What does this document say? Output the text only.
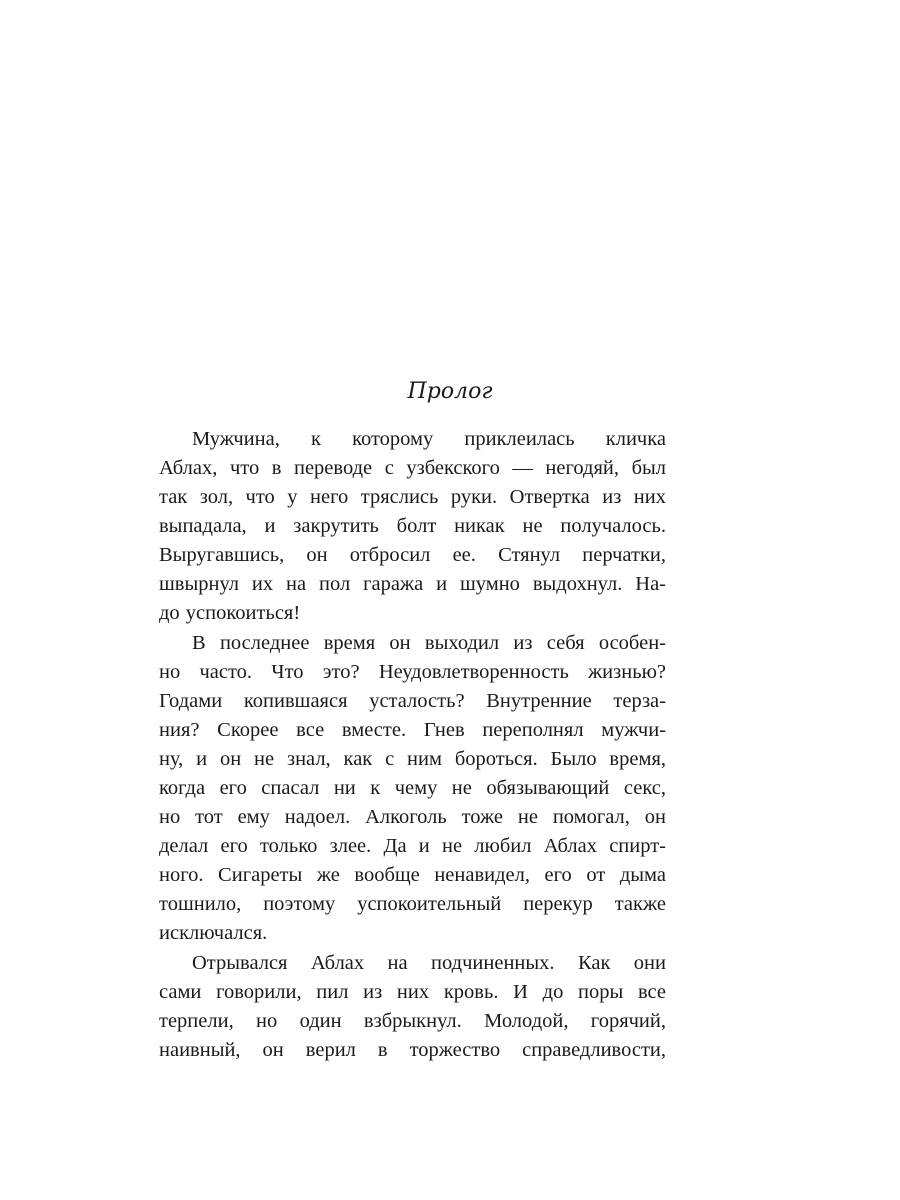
Пролог

Мужчина, к которому приклеилась кличка
Аблах, что в переводе с узбекского — негодяй, был
так зол, что у него тряслись руки. Отвертка из них
выпадала, и закрутить болт никак не получалось.
Выругавшись, он отбросил ее. Стянул перчатки,
швырнул их на пол гаража и шумно выдохнул. На-
до успокоиться!

В последнее время он выходил из себя особен-
но часто. Что это? Неудовлетворенность жизнью?
Годами копившаяся усталость? Внутренние терза-
ния? Скорее все вместе. Гнев переполнял мужчи-
ну, и он не знал, как с ним бороться. Было время,
когда его спасал ни к чему не обязывающий секс,
но тот ему надоел. Алкоголь тоже не помогал, он
делал его только злее. Да и не любил Аблах спирт-
ного. Сигареты же вообще ненавидел, его от дыма
тошнило, поэтому успокоительный перекур также
исключался.

Отрывался Аблах на подчиненных. Как они
сами говорили, пил из них кровь. И до поры все
терпели, но один взбрыкнул. Молодой, горячий,
наивный, он верил в торжество справедливости,
